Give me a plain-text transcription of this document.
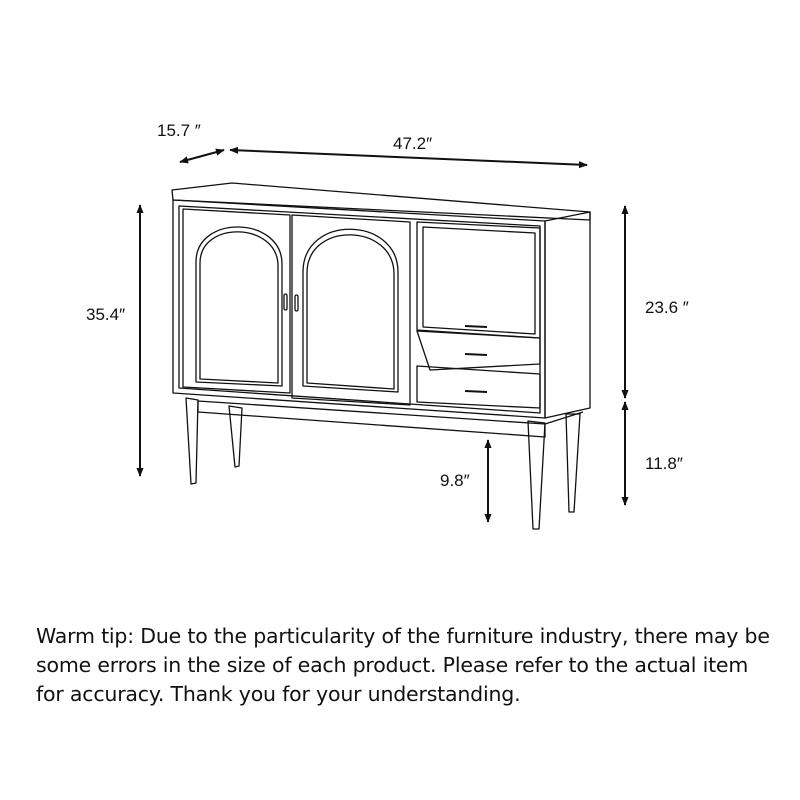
15.7 ″
47.2″
35.4″	23.6 ″
11.8″
9.8″
Warm tip: Due to the particularity of the furniture industry, there may be some errors in the size of each product. Please refer to the actual item for accuracy. Thank you for your understanding.
